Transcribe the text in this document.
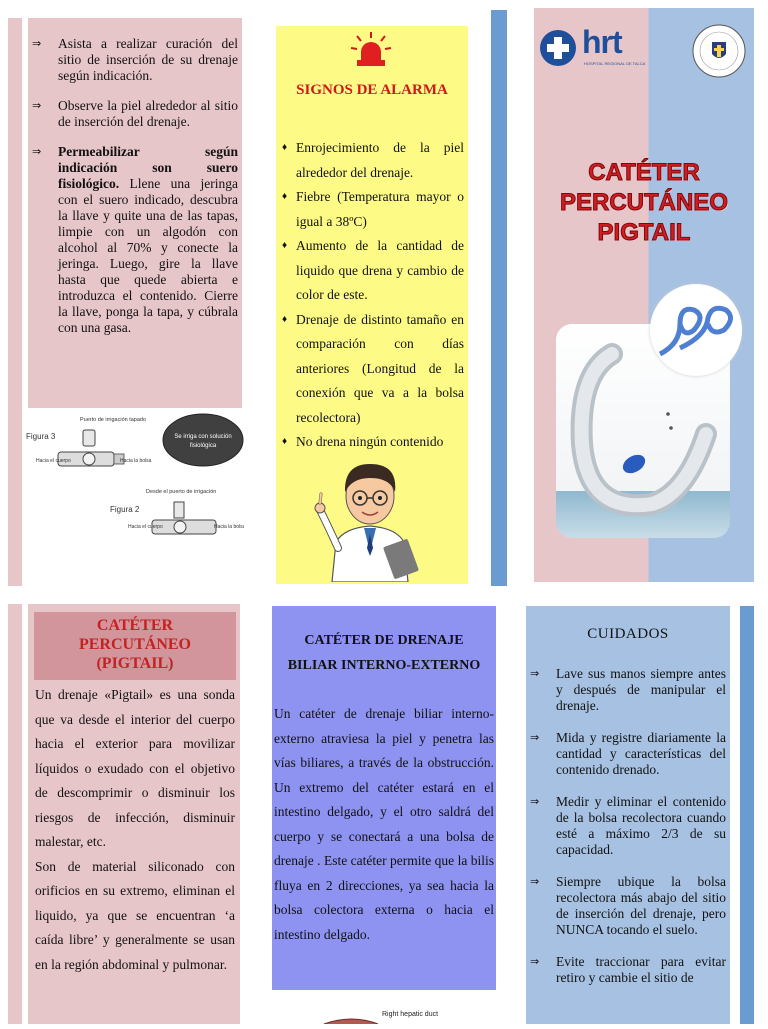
⇒ Asista a realizar curación del sitio de inserción de su drenaje según indicación.
⇒ Observe la piel alrededor al sitio de inserción del drenaje.
⇒ Permeabilizar según indicación son suero fisiológico. Llene una jeringa con el suero indicado, descubra la llave y quite una de las tapas, limpie con un algodón con alcohol al 70% y conecte la jeringa. Luego, gire la llave hasta que quede abierta e introduzca el contenido. Cierre la llave, ponga la tapa, y cúbrala con una gasa.
Puerto de irrigación tapado
Figura 3
Hacia el cuerpo	Hacia la bolsa
Se irriga con solución
fisiológica
Desde el puerto de irrigación
Figura 2
Hacia el cuerpo	Hacia la bolsa
SIGNOS DE ALARMA
♦ Enrojecimiento de la piel alrededor del drenaje.
♦ Fiebre (Temperatura mayor o igual a 38ºC)
♦ Aumento de la cantidad de liquido que drena y cambio de color de este.
♦ Drenaje de distinto tamaño en comparación con días anteriores (Longitud de la conexión que va a la bolsa recolectora)
♦ No drena ningún contenido
hrt
HOSPITAL REGIONAL DE TALCA
CATÉTER
PERCUTÁNEO
PIGTAIL
CATÉTER PERCUTÁNEO (PIGTAIL)
Un drenaje «Pigtail» es una sonda que va desde el interior del cuerpo hacia el exterior para movilizar líquidos o exudado con el objetivo de descomprimir o disminuir los riesgos de infección, disminuir malestar, etc.
Son de material siliconado con orificios en su extremo, eliminan el liquido, ya que se encuentran ‘a caída libre’ y generalmente se usan en la región abdominal y pulmonar.
CATÉTER DE DRENAJE BILIAR INTERNO-EXTERNO
Un catéter de drenaje biliar interno-externo atraviesa la piel y penetra las vías biliares, a través de la obstrucción. Un extremo del catéter estará en el intestino delgado, y el otro saldrá del cuerpo y se conectará a una bolsa de drenaje . Este catéter permite que la bilis fluya en 2 direcciones, ya sea hacia la bolsa colectora externa o hacia el intestino delgado.
Right hepatic duct
CUIDADOS
⇒ Lave sus manos siempre antes y después de manipular el drenaje.
⇒ Mida y registre diariamente la cantidad y características del contenido drenado.
⇒ Medir y eliminar el contenido de la bolsa recolectora cuando esté a máximo 2/3 de su capacidad.
⇒ Siempre ubique la bolsa recolectora más abajo del sitio de inserción del drenaje, pero NUNCA tocando el suelo.
⇒ Evite traccionar para evitar retiro y cambie el sitio de
